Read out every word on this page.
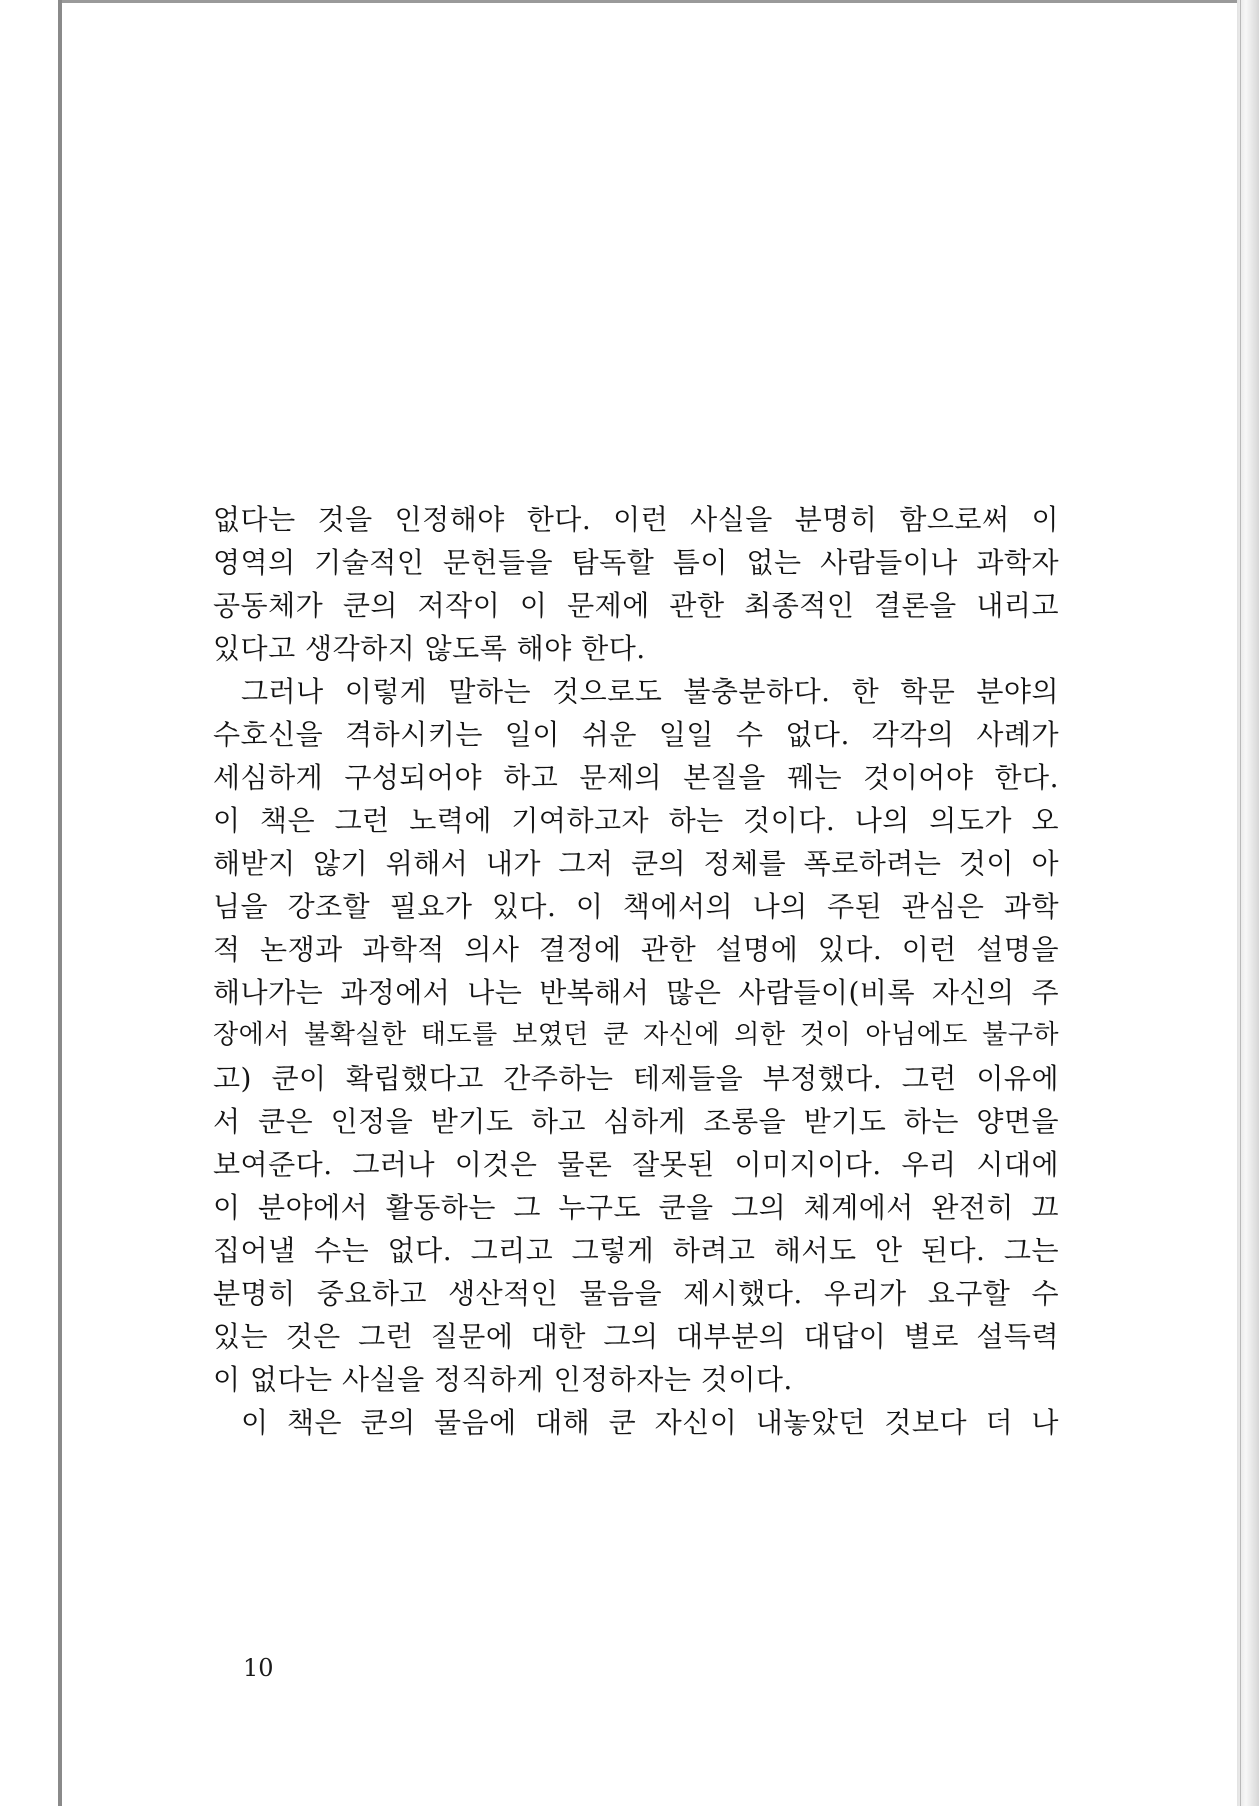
없다는 것을 인정해야 한다. 이런 사실을 분명히 함으로써 이
영역의 기술적인 문헌들을 탐독할 틈이 없는 사람들이나 과학자
공동체가 쿤의 저작이 이 문제에 관한 최종적인 결론을 내리고
있다고 생각하지 않도록 해야 한다.
그러나 이렇게 말하는 것으로도 불충분하다. 한 학문 분야의
수호신을 격하시키는 일이 쉬운 일일 수 없다. 각각의 사례가
세심하게 구성되어야 하고 문제의 본질을 꿰는 것이어야 한다.
이 책은 그런 노력에 기여하고자 하는 것이다. 나의 의도가 오
해받지 않기 위해서 내가 그저 쿤의 정체를 폭로하려는 것이 아
님을 강조할 필요가 있다. 이 책에서의 나의 주된 관심은 과학
적 논쟁과 과학적 의사 결정에 관한 설명에 있다. 이런 설명을
해나가는 과정에서 나는 반복해서 많은 사람들이(비록 자신의 주
장에서 불확실한 태도를 보였던 쿤 자신에 의한 것이 아님에도 불구하
고) 쿤이 확립했다고 간주하는 테제들을 부정했다. 그런 이유에
서 쿤은 인정을 받기도 하고 심하게 조롱을 받기도 하는 양면을
보여준다. 그러나 이것은 물론 잘못된 이미지이다. 우리 시대에
이 분야에서 활동하는 그 누구도 쿤을 그의 체계에서 완전히 끄
집어낼 수는 없다. 그리고 그렇게 하려고 해서도 안 된다. 그는
분명히 중요하고 생산적인 물음을 제시했다. 우리가 요구할 수
있는 것은 그런 질문에 대한 그의 대부분의 대답이 별로 설득력
이 없다는 사실을 정직하게 인정하자는 것이다.
이 책은 쿤의 물음에 대해 쿤 자신이 내놓았던 것보다 더 나
10
